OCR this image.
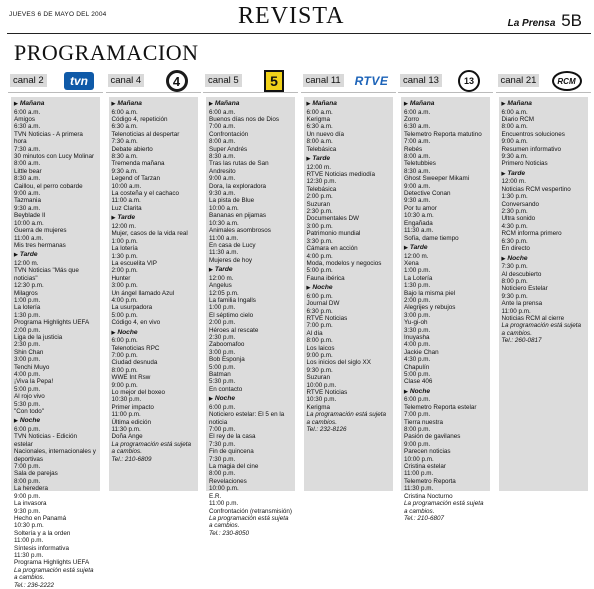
JUEVES 6 DE MAYO DEL 2004	REVISTA	La Prensa 5B
PROGRAMACION
canal 2	tvn
▶ Mañana
6:00 a.m.
Amigos
6:30 a.m.
TVN Noticias - A primera hora
7:30 a.m.
30 minutos con Lucy Molinar
8:00 a.m.
Little bear
8:30 a.m.
Caillou, el perro cobarde
9:00 a.m.
Tazmania
9:30 a.m.
Beyblade II
10:00 a.m.
Guerra de mujeres
11:00 a.m.
Mis tres hermanas
▶ Tarde
12:00 m.
TVN Noticias "Más que noticias"
12:30 p.m.
Milagros
1:00 p.m.
La lotería
1:30 p.m.
Programa Highlights UEFA
2:00 p.m.
Liga de la justicia
2:30 p.m.
Shin Chan
3:00 p.m.
Tenchi Muyo
4:00 p.m.
¡Viva la Pepa!
5:00 p.m.
Al rojo vivo
5:30 p.m.
"Con todo"
▶ Noche
6:00 p.m.
TVN Noticias - Edición estelar
Nacionales, internacionales y deportivas
7:00 p.m.
Sala de parejas
8:00 p.m.
La heredera
9:00 p.m.
La invasora
9:30 p.m.
Hecho en Panamá
10:30 p.m.
Soltería y a la orden
11:00 p.m.
Síntesis informativa
11:30 p.m.
Programa Highlights UEFA
La programación está sujeta a cambios.
Tel.: 236-2222
canal 4	4
▶ Mañana
6:00 a.m.
Código 4, repetición
6:30 a.m.
Telenoticias al despertar
7:30 a.m.
Debate abierto
8:30 a.m.
Tremenda mañana
9:30 a.m.
Legend of Tarzan
10:00 a.m.
La costeña y el cachaco
11:00 a.m.
Luz Clarita
▶ Tarde
12:00 m.
Mujer, casos de la vida real
1:00 p.m.
La lotería
1:30 p.m.
La escuelita VIP
2:00 p.m.
Hunter
3:00 p.m.
Un ángel llamado Azul
4:00 p.m.
La usurpadora
5:00 p.m.
Código 4, en vivo
▶ Noche
6:00 p.m.
Telenoticias RPC
7:00 p.m.
Ciudad desnuda
8:00 p.m.
WWE Int Rsw
9:00 p.m.
Lo mejor del boxeo
10:30 p.m.
Primer impacto
11:00 p.m.
Última edición
11:30 p.m.
Doña Ange
La programación está sujeta a cambios.
Tel.: 210-6809
canal 5	5
▶ Mañana
6:00 a.m.
Buenos días nos de Dios
7:00 a.m.
Confrontación
8:00 a.m.
Super Andrés
8:30 a.m.
Tras las rutas de San Andresito
9:00 a.m.
Dora, la exploradora
9:30 a.m.
La pista de Blue
10:00 a.m.
Bananas en pijamas
10:30 a.m.
Animales asombrosos
11:00 a.m.
En casa de Lucy
11:30 a.m.
Mujeres de hoy
▶ Tarde
12:00 m.
Angelus
12:05 p.m.
La familia Ingalls
1:00 p.m.
El séptimo cielo
2:00 p.m.
Héroes al rescate
2:30 p.m.
Zaboomafoo
3:00 p.m.
Bob Esponja
5:00 p.m.
Batman
5:30 p.m.
En contacto
▶ Noche
6:00 p.m.
Noticiero estelar: El 5 en la noticia
7:00 p.m.
El rey de la casa
7:30 p.m.
Fin de quincena
7:30 p.m.
La magia del cine
8:00 p.m.
Revelaciones
10:00 p.m.
E.R.
11:00 p.m.
Confrontación (retransmisión)
La programación está sujeta a cambios.
Tel.: 230-8050
canal 11 RTVE
▶ Mañana
6:00 a.m.
Kerigma
6:30 a.m.
Un nuevo día
8:00 a.m.
Telebásica
▶ Tarde
12:00 m.
RTVE Noticias mediodía
12:30 p.m.
Telebásica
2:00 p.m.
Suzuran
2:30 p.m.
Documentales DW
3:00 p.m.
Patrimonio mundial
3:30 p.m.
Cámara en acción
4:00 p.m.
Moda, modelos y negocios
5:00 p.m.
Fauna ibérica
▶ Noche
6:00 p.m.
Journal DW
6:30 p.m.
RTVE Noticias
7:00 p.m.
Al día
8:00 p.m.
Los laicos
9:00 p.m.
Los inicios del siglo XX
9:30 p.m.
Suzuran
10:00 p.m.
RTVE Noticias
10:30 p.m.
Kerigma
La programación está sujeta a cambios.
Tel.: 232-8126
canal 13	13
▶ Mañana
6:00 a.m.
Zorro
6:30 a.m.
Telemetro Reporta matutino
7:00 a.m.
Rebés
8:00 a.m.
Teletubbies
8:30 a.m.
Ghost Sweeper Mikami
9:00 a.m.
Detective Conan
9:30 a.m.
Por tu amor
10:30 a.m.
Engañada
11:30 a.m.
Sofía, dame tiempo
▶ Tarde
12:00 m.
Xena
1:00 p.m.
La Lotería
1:30 p.m.
Bajo la misma piel
2:00 p.m.
Alegrijes y rebujos
3:00 p.m.
Yu-gi-oh
3:30 p.m.
Inuyasha
4:00 p.m.
Jackie Chan
4:30 p.m.
Chapulín
5:00 p.m.
Clase 406
▶ Noche
6:00 p.m.
Telemetro Reporta estelar
7:00 p.m.
Tierra nuestra
8:00 p.m.
Pasión de gavilanes
9:00 p.m.
Parecen noticias
10:00 p.m.
Cristina estelar
11:00 p.m.
Telemetro Reporta
11:30 p.m.
Cristina Nocturno
La programación está sujeta a cambios.
Tel.: 210-6807
canal 21	RCM
▶ Mañana
6:00 a.m.
Diario RCM
8:00 a.m.
Encuentros soluciones
9:00 a.m.
Resumen informativo
9:30 a.m.
Primero Noticias
▶ Tarde
12:00 m.
Noticias RCM vespertino
1:30 p.m.
Conversando
2:30 p.m.
Ultra sonido
4:30 p.m.
RCM informa primero
6:30 p.m.
En directo
▶ Noche
7:30 p.m.
Al descubierto
8:00 p.m.
Noticiero Estelar
9:30 p.m.
Ante la prensa
11:00 p.m.
Noticias RCM al cierre
La programación está sujeta a cambios.
Tel.: 260-0817
